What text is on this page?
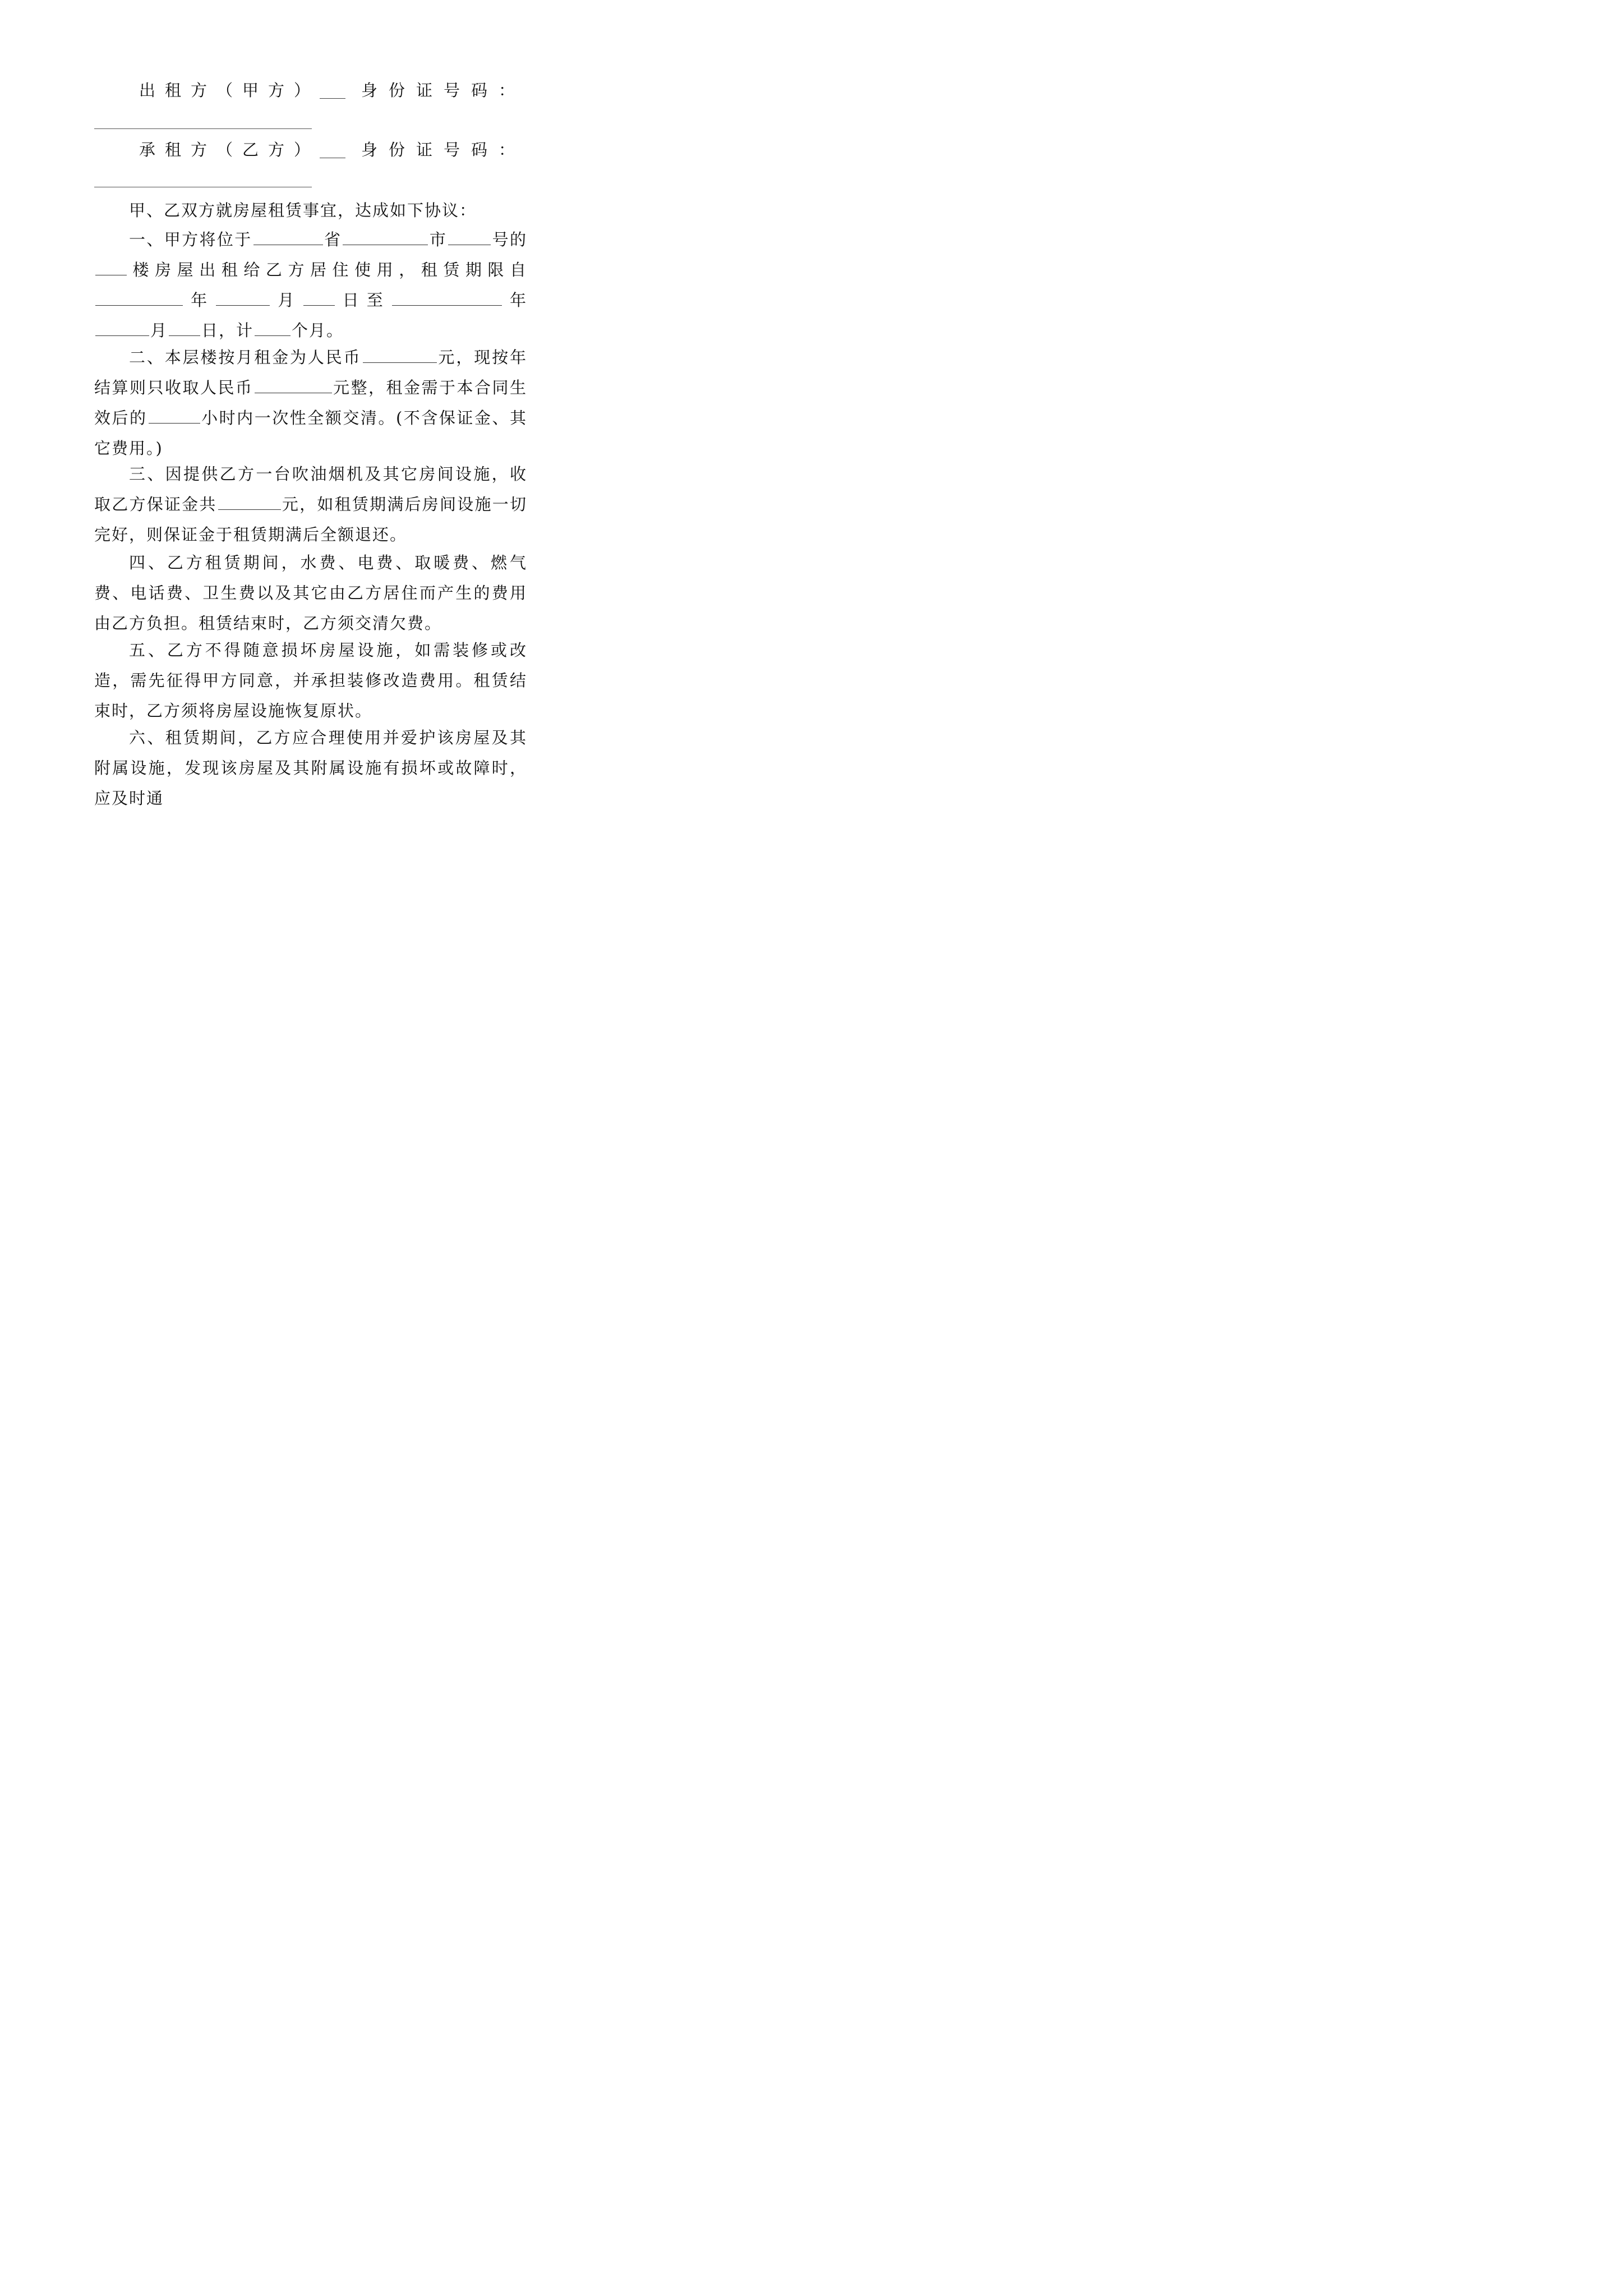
出租方（甲方）	身份证号码：
承租方（乙方）	身份证号码：

甲、乙双方就房屋租赁事宜，达成如下协议：

一、甲方将位于	省	市	号的楼房屋出租给乙方居住使用，租赁期限自年	月 日至	年月 日，计 个月。

二、本层楼按月租金为人民币	元，现按年结算则只收取人民币	元整，租金需于本合同生效后的	小时内一次性全额交清。(不含保证金、其它费用。)

三、因提供乙方一台吹油烟机及其它房间设施，收取乙方保证金共	元，如租赁期满后房间设施一切完好，则保证金于租赁期满后全额退还。

四、乙方租赁期间，水费、电费、取暖费、燃气费、电话费、卫生费以及其它由乙方居住而产生的费用由乙方负担。租赁结束时，乙方须交清欠费。

五、乙方不得随意损坏房屋设施，如需装修或改造，需先征得甲方同意，并承担装修改造费用。租赁结束时，乙方须将房屋设施恢复原状。

六、租赁期间，乙方应合理使用并爱护该房屋及其附属设施，发现该房屋及其附属设施有损坏或故障时，应及时通
